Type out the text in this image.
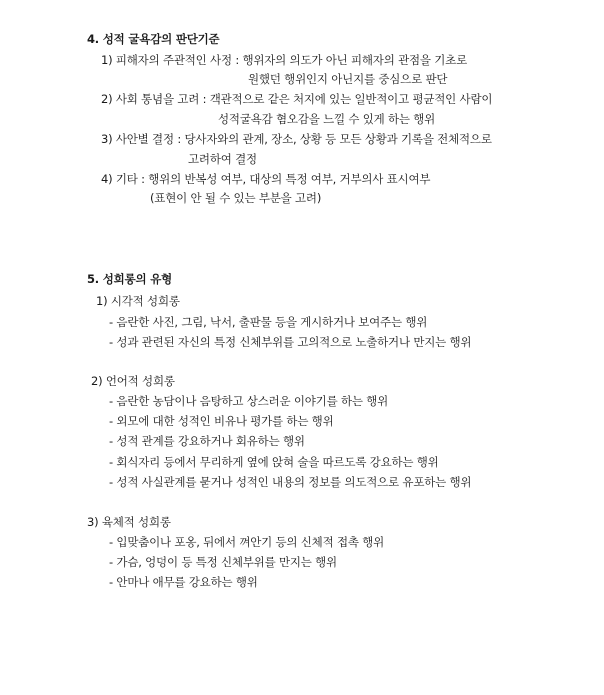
4. 성적 굴욕감의 판단기준
1) 피해자의 주관적인 사정 : 행위자의 의도가 아닌 피해자의 관점을 기초로
원했던 행위인지 아닌지를 중심으로 판단
2) 사회 통념을 고려 : 객관적으로 같은 처지에 있는 일반적이고 평균적인 사람이
성적굴욕감 혐오감을 느낄 수 있게 하는 행위
3) 사안별 결정 : 당사자와의 관계, 장소, 상황 등 모든 상황과 기록을 전체적으로
고려하여 결정
4) 기타 : 행위의 반복성 여부, 대상의 특정 여부, 거부의사 표시여부
(표현이 안 될 수 있는 부분을 고려)
5. 성희롱의 유형
1) 시각적 성희롱
- 음란한 사진, 그림, 낙서, 출판물 등을 게시하거나 보여주는 행위
- 성과 관련된 자신의 특정 신체부위를 고의적으로 노출하거나 만지는 행위
2) 언어적 성희롱
- 음란한 농담이나 음탕하고 상스러운 이야기를 하는 행위
- 외모에 대한 성적인 비유나 평가를 하는 행위
- 성적 관계를 강요하거나 회유하는 행위
- 회식자리 등에서 무리하게 옆에 앉혀 술을 따르도록 강요하는 행위
- 성적 사실관계를 묻거나 성적인 내용의 정보를 의도적으로 유포하는 행위
3) 육체적 성희롱
- 입맞춤이나 포옹, 뒤에서 껴안기 등의 신체적 접촉 행위
- 가슴, 엉덩이 등 특정 신체부위를 만지는 행위
- 안마나 애무를 강요하는 행위
